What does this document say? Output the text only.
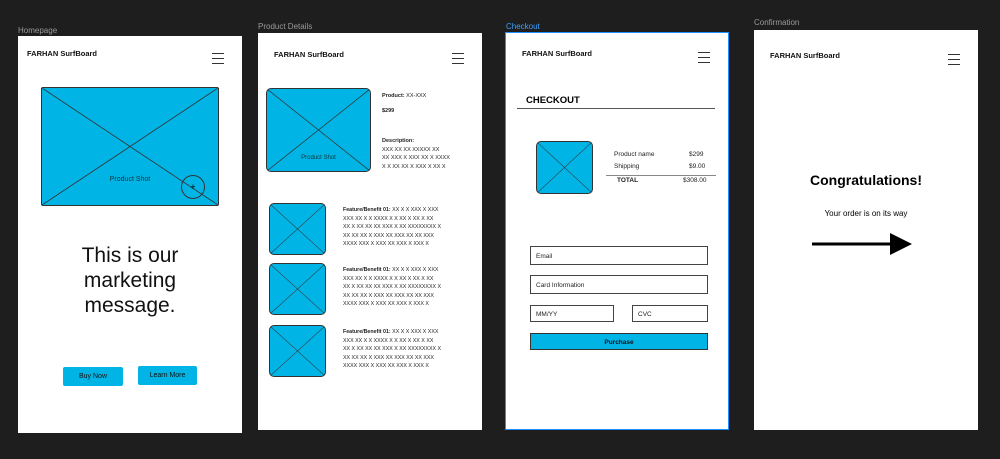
Homepage	Product Details	Checkout	Confirmation
FARHAN SurfBoard
Product Shot
+
This is our marketing message.
Buy Now	Learn More
FARHAN SurfBoard
Product Shot
Product: XX-XXX
$299
Description:
XXX XX XX XXXXX XX
XX XXX X XXX XX X XXXX
X X XX XX X XXX X XX X
Feature/Benefit 01: XX X X XXX X XXX
XXX XX X X XXXX X X XX X XX X XX
XX X XX XX XX XXX X XX XXXXXXXX X
XX XX XX X XXX XX XXX XX XX XXX
XXXX XXX X XXX XX XXX X XXX X
Feature/Benefit 01: XX X X XXX X XXX
XXX XX X X XXXX X X XX X XX X XX
XX X XX XX XX XXX X XX XXXXXXXX X
XX XX XX X XXX XX XXX XX XX XXX
XXXX XXX X XXX XX XXX X XXX X
Feature/Benefit 01: XX X X XXX X XXX
XXX XX X X XXXX X X XX X XX X XX
XX X XX XX XX XXX X XX XXXXXXXX X
XX XX XX X XXX XX XXX XX XX XXX
XXXX XXX X XXX XX XXX X XXX X
FARHAN SurfBoard
CHECKOUT
Product name	$299
Shipping	$9.00
TOTAL	$308.00
Email
Card Information
MM/YY	CVC
Purchase
FARHAN SurfBoard
Congratulations!
Your order is on its way
